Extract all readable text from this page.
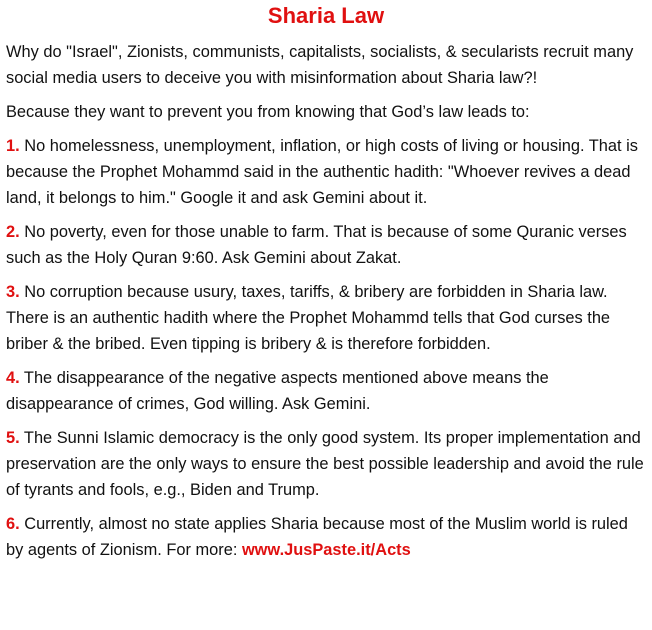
Sharia Law
Why do "Israel", Zionists, communists, capitalists, socialists, & secularists recruit many social media users to deceive you with misinformation about Sharia law?!
Because they want to prevent you from knowing that God’s law leads to:
1. No homelessness, unemployment, inflation, or high costs of living or housing. That is because the Prophet Mohammd said in the authentic hadith: "Whoever revives a dead land, it belongs to him." Google it and ask Gemini about it.
2. No poverty, even for those unable to farm. That is because of some Quranic verses such as the Holy Quran 9:60. Ask Gemini about Zakat.
3. No corruption because usury, taxes, tariffs, & bribery are forbidden in Sharia law. There is an authentic hadith where the Prophet Mohammd tells that God curses the briber & the bribed. Even tipping is bribery & is therefore forbidden.
4. The disappearance of the negative aspects mentioned above means the disappearance of crimes, God willing. Ask Gemini.
5. The Sunni Islamic democracy is the only good system. Its proper implementation and preservation are the only ways to ensure the best possible leadership and avoid the rule of tyrants and fools, e.g., Biden and Trump.
6. Currently, almost no state applies Sharia because most of the Muslim world is ruled by agents of Zionism. For more: www.JusPaste.it/Acts
